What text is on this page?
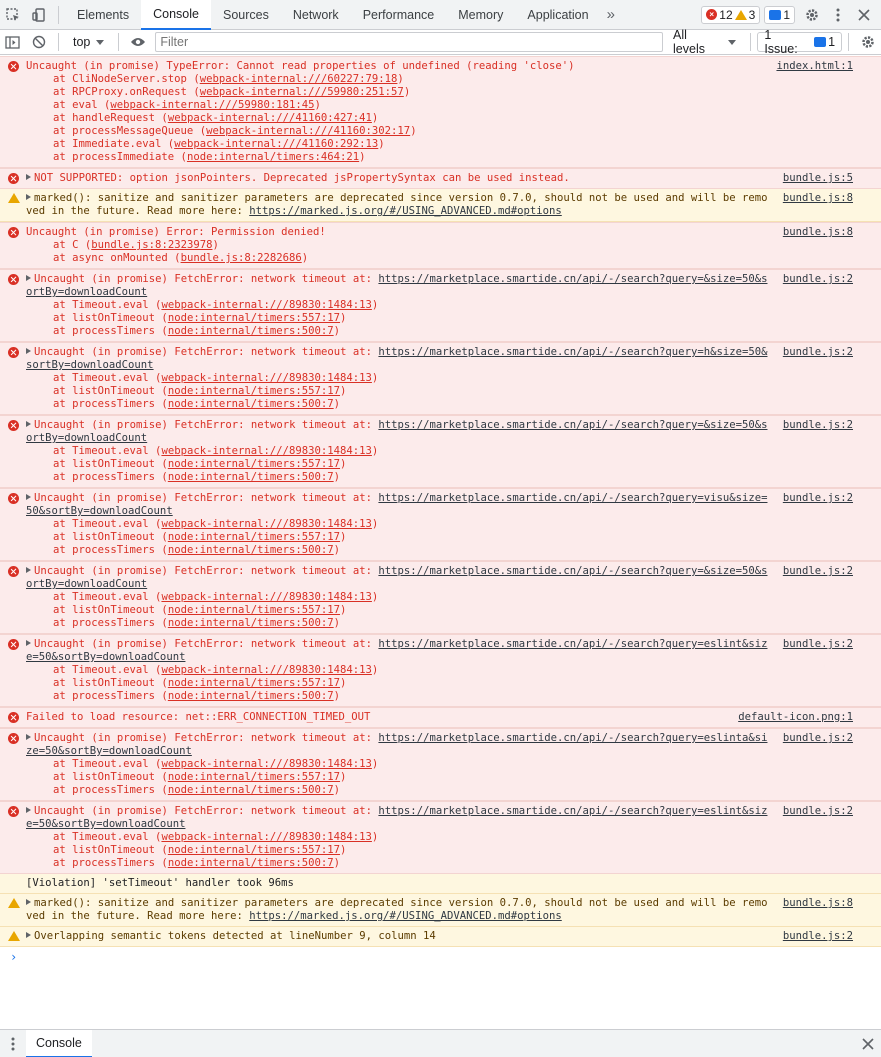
Elements	Console	Sources	Network	Performance	Memory	Application	»	× 12 3 1
top
Filter	All levels
1 Issue:	1
Uncaught (in promise) TypeError: Cannot read properties of undefined (reading 'close')
at CliNodeServer.stop (webpack-internal:///60227:79:18)
at RPCProxy.onRequest (webpack-internal:///59980:251:57)
at eval (webpack-internal:///59980:181:45)
at handleRequest (webpack-internal:///41160:427:41)
at processMessageQueue (webpack-internal:///41160:302:17)
at Immediate.eval (webpack-internal:///41160:292:13)
at processImmediate (node:internal/timers:464:21)
index.html:1
NOT SUPPORTED: option jsonPointers. Deprecated jsPropertySyntax can be used instead.	bundle.js:5
marked(): sanitize and sanitizer parameters are deprecated since version 0.7.0, should not be used and will be removed in the future. Read more here: https://marked.js.org/#/USING_ADVANCED.md#options
bundle.js:8
Uncaught (in promise) Error: Permission denied!
at C (bundle.js:8:2323978)
at async onMounted (bundle.js:8:2282686)
bundle.js:8
Uncaught (in promise) FetchError: network timeout at: https://marketplace.smartide.cn/api/-/search?query=&size=50&sortBy=downloadCount
at Timeout.eval (webpack-internal:///89830:1484:13)
at listOnTimeout (node:internal/timers:557:17)
at processTimers (node:internal/timers:500:7)
bundle.js:2
Uncaught (in promise) FetchError: network timeout at: https://marketplace.smartide.cn/api/-/search?query=h&size=50&sortBy=downloadCount
at Timeout.eval (webpack-internal:///89830:1484:13)
at listOnTimeout (node:internal/timers:557:17)
at processTimers (node:internal/timers:500:7)
bundle.js:2
Uncaught (in promise) FetchError: network timeout at: https://marketplace.smartide.cn/api/-/search?query=&size=50&sortBy=downloadCount
at Timeout.eval (webpack-internal:///89830:1484:13)
at listOnTimeout (node:internal/timers:557:17)
at processTimers (node:internal/timers:500:7)
bundle.js:2
Uncaught (in promise) FetchError: network timeout at: https://marketplace.smartide.cn/api/-/search?query=visu&size=50&sortBy=downloadCount
at Timeout.eval (webpack-internal:///89830:1484:13)
at listOnTimeout (node:internal/timers:557:17)
at processTimers (node:internal/timers:500:7)
bundle.js:2
Uncaught (in promise) FetchError: network timeout at: https://marketplace.smartide.cn/api/-/search?query=&size=50&sortBy=downloadCount
at Timeout.eval (webpack-internal:///89830:1484:13)
at listOnTimeout (node:internal/timers:557:17)
at processTimers (node:internal/timers:500:7)
bundle.js:2
Uncaught (in promise) FetchError: network timeout at: https://marketplace.smartide.cn/api/-/search?query=eslint&size=50&sortBy=downloadCount
at Timeout.eval (webpack-internal:///89830:1484:13)
at listOnTimeout (node:internal/timers:557:17)
at processTimers (node:internal/timers:500:7)
bundle.js:2
Failed to load resource: net::ERR_CONNECTION_TIMED_OUT	default-icon.png:1
Uncaught (in promise) FetchError: network timeout at: https://marketplace.smartide.cn/api/-/search?query=eslinta&size=50&sortBy=downloadCount
at Timeout.eval (webpack-internal:///89830:1484:13)
at listOnTimeout (node:internal/timers:557:17)
at processTimers (node:internal/timers:500:7)
bundle.js:2
Uncaught (in promise) FetchError: network timeout at: https://marketplace.smartide.cn/api/-/search?query=eslint&size=50&sortBy=downloadCount
at Timeout.eval (webpack-internal:///89830:1484:13)
at listOnTimeout (node:internal/timers:557:17)
at processTimers (node:internal/timers:500:7)
bundle.js:2
[Violation] 'setTimeout' handler took 96ms
marked(): sanitize and sanitizer parameters are deprecated since version 0.7.0, should not be used and will be removed in the future. Read more here: https://marked.js.org/#/USING_ADVANCED.md#options
bundle.js:8
Overlapping semantic tokens detected at lineNumber 9, column 14	bundle.js:2
›
Console
